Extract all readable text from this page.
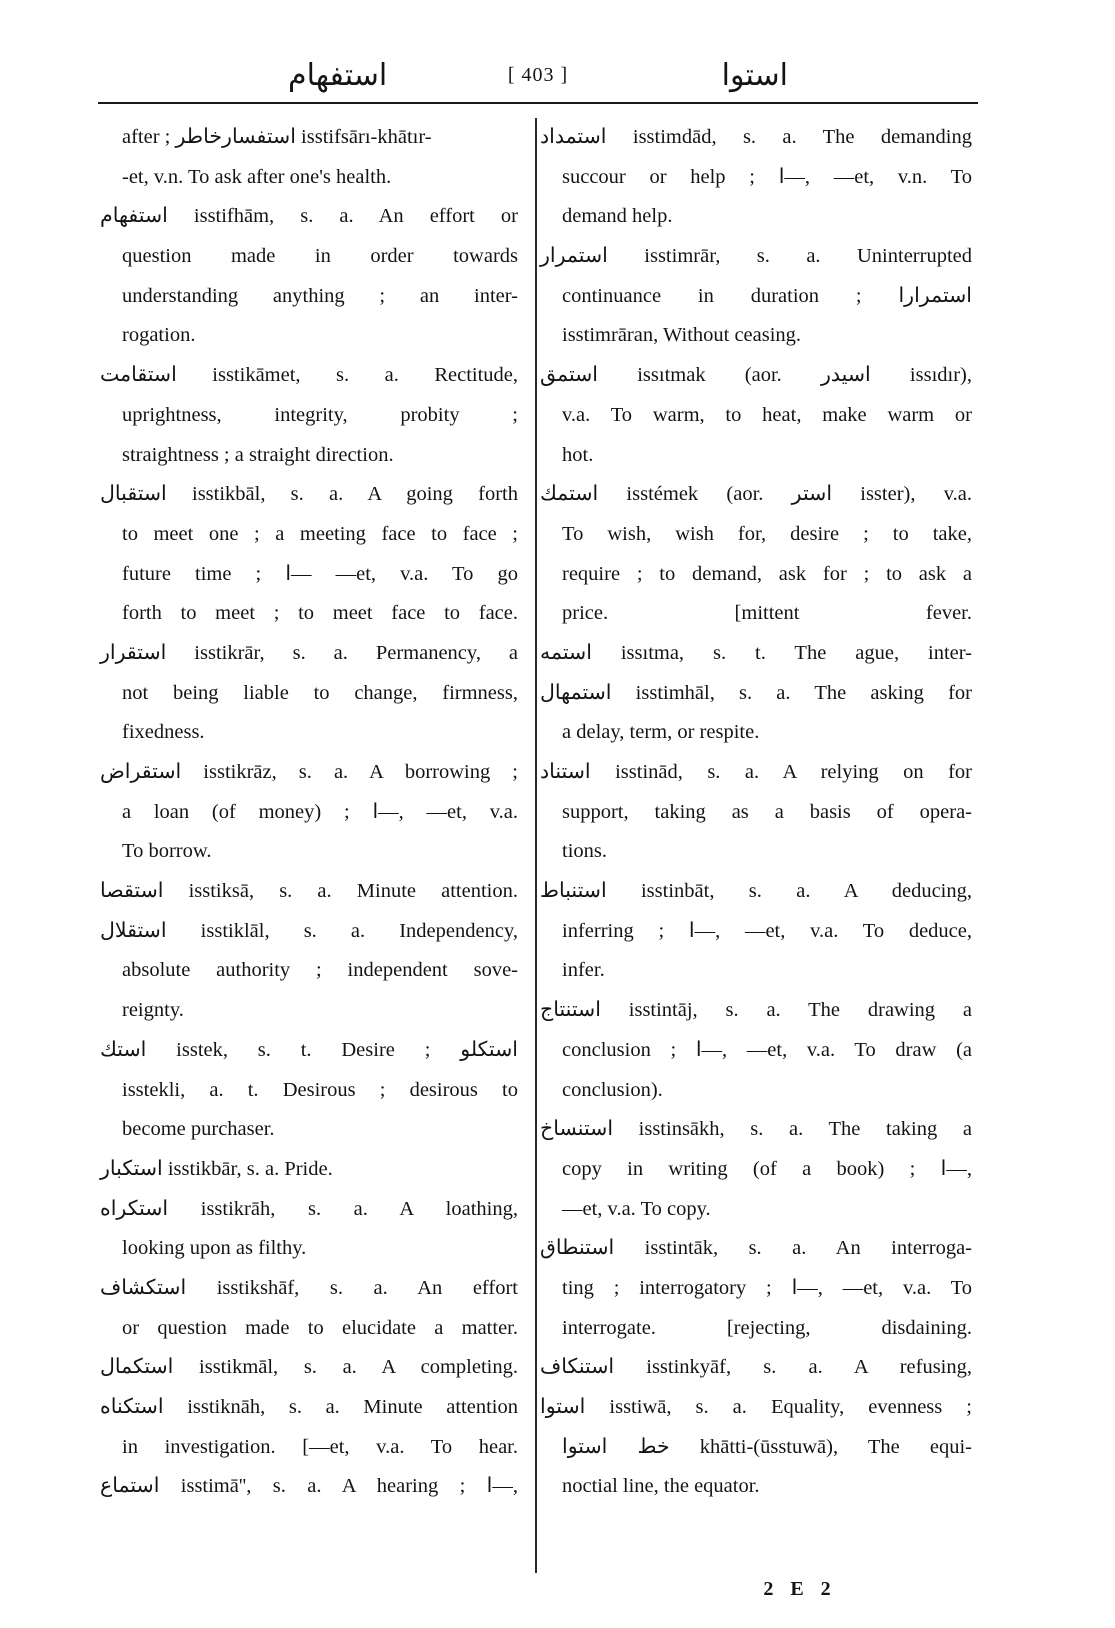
استفهام	[ 403 ]	استوا
after ; استفسارخاطر isstifsārı-khātır-
-et, v.n. To ask after one's health.
استفهام isstifhām, s. a. An effort or
question made in order towards
understanding anything ; an inter-
rogation.
استقامت isstikāmet, s. a. Rectitude,
uprightness, integrity, probity ;
straightness ; a straight direction.
استقبال isstikbāl, s. a. A going forth
to meet one ; a meeting face to face ;
future time ; ا— —et, v.a. To go
forth to meet ; to meet face to face.
استقرار isstikrār, s. a. Permanency, a
not being liable to change, firmness,
fixedness.
استقراض isstikrāz, s. a. A borrowing ;
a loan (of money) ; ا—, —et, v.a.
To borrow.
استقصا isstiksā, s. a. Minute attention.
استقلال isstiklāl, s. a. Independency,
absolute authority ; independent sove-
reignty.
استك isstek, s. t. Desire ; استكلو
isstekli, a. t. Desirous ; desirous to
become purchaser.
استكبار isstikbār, s. a. Pride.
استكراه isstikrāh, s. a. A loathing,
looking upon as filthy.
استكشاف isstikshāf, s. a. An effort
or question made to elucidate a matter.
استكمال isstikmāl, s. a. A completing.
استكناه isstiknāh, s. a. Minute attention
in investigation. [—et, v.a. To hear.
استماع isstimā'', s. a. A hearing ; ا—,
استمداد isstimdād, s. a. The demanding
succour or help ; ا—, —et, v.n. To
demand help.
استمرار isstimrār, s. a. Uninterrupted
continuance in duration ; استمرارا
isstimrāran, Without ceasing.
استمق issıtmak (aor. اسيدر issıdır),
v.a. To warm, to heat, make warm or
hot.
استمك isstémek (aor. استر isster), v.a.
To wish, wish for, desire ; to take,
require ; to demand, ask for ; to ask a
price. [mittent fever.
استمه issıtma, s. t. The ague, inter-
استمهال isstimhāl, s. a. The asking for
a delay, term, or respite.
استناد isstinād, s. a. A relying on for
support, taking as a basis of opera-
tions.
استنباط isstinbāt, s. a. A deducing,
inferring ; ا—, —et, v.a. To deduce,
infer.
استنتاج isstintāj, s. a. The drawing a
conclusion ; ا—, —et, v.a. To draw (a
conclusion).
استنساخ isstinsākh, s. a. The taking a
copy in writing (of a book) ; ا—,
—et, v.a. To copy.
استنطاق isstintāk, s. a. An interroga-
ting ; interrogatory ; ا—, —et, v.a. To
interrogate. [rejecting, disdaining.
استنكاف isstinkyāf, s. a. A refusing,
استوا isstiwā, s. a. Equality, evenness ;
خط استوا khātti-(ūsstuwā), The equi-
noctial line, the equator.
2 E 2
